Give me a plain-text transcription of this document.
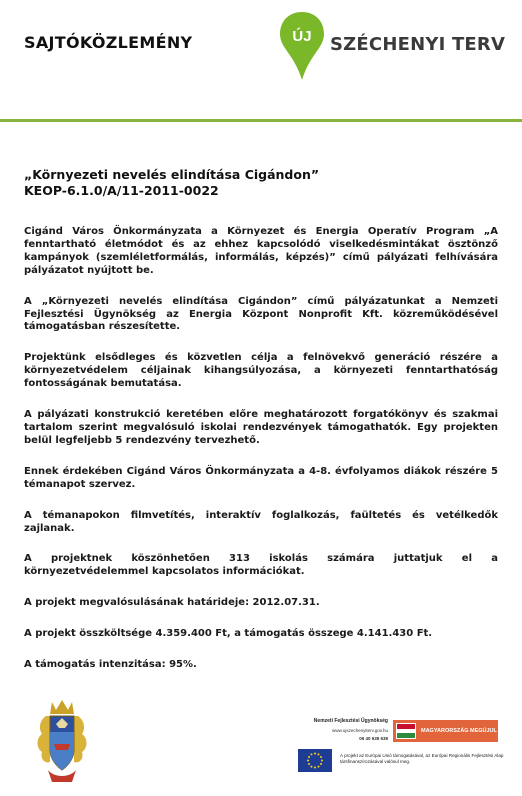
SAJTÓKÖZLEMÉNY	ÚJ SZÉCHENYI TERV
„Környezeti nevelés elindítása Cigándon”
KEOP-6.1.0/A/11-2011-0022

Cigánd Város Önkormányzata a Környezet és Energia Operatív Program „A fenntartható életmódot és az ehhez kapcsolódó viselkedésmintákat ösztönző kampányok (szemléletformálás, informálás, képzés)” című pályázati felhívására pályázatot nyújtott be.

A „Környezeti nevelés elindítása Cigándon” című pályázatunkat a Nemzeti Fejlesztési Ügynökség az Energia Központ Nonprofit Kft. közreműködésével támogatásban részesítette.

Projektünk elsődleges és közvetlen célja a felnövekvő generáció részére a környezetvédelem céljainak kihangsúlyozása, a környezeti fenntarthatóság fontosságának bemutatása.

A pályázati konstrukció keretében előre meghatározott forgatókönyv és szakmai tartalom szerint megvalósuló iskolai rendezvények támogathatók. Egy projekten belül legfeljebb 5 rendezvény tervezhető.

Ennek érdekében Cigánd Város Önkormányzata a 4-8. évfolyamos diákok részére 5 témanapot szervez.

A témanapokon filmvetítés, interaktív foglalkozás, faültetés és vetélkedők zajlanak.

A projektnek köszönhetően 313 iskolás számára juttatjuk el a környezetvédelemmel kapcsolatos információkat.

A projekt megvalósulásának határideje: 2012.07.31.

A projekt összköltsége 4.359.400 Ft, a támogatás összege 4.141.430 Ft.

A támogatás intenzitása: 95%.

Nemzeti Fejlesztési Ügynökség
www.ujszechenyiterv.gov.hu
06 40 638 638
MAGYARORSZÁG MEGÚJUL
A projekt az Európai Unió támogatásával, az Európai Regionális Fejlesztési Alap társfinanszírozásával valósul meg.
